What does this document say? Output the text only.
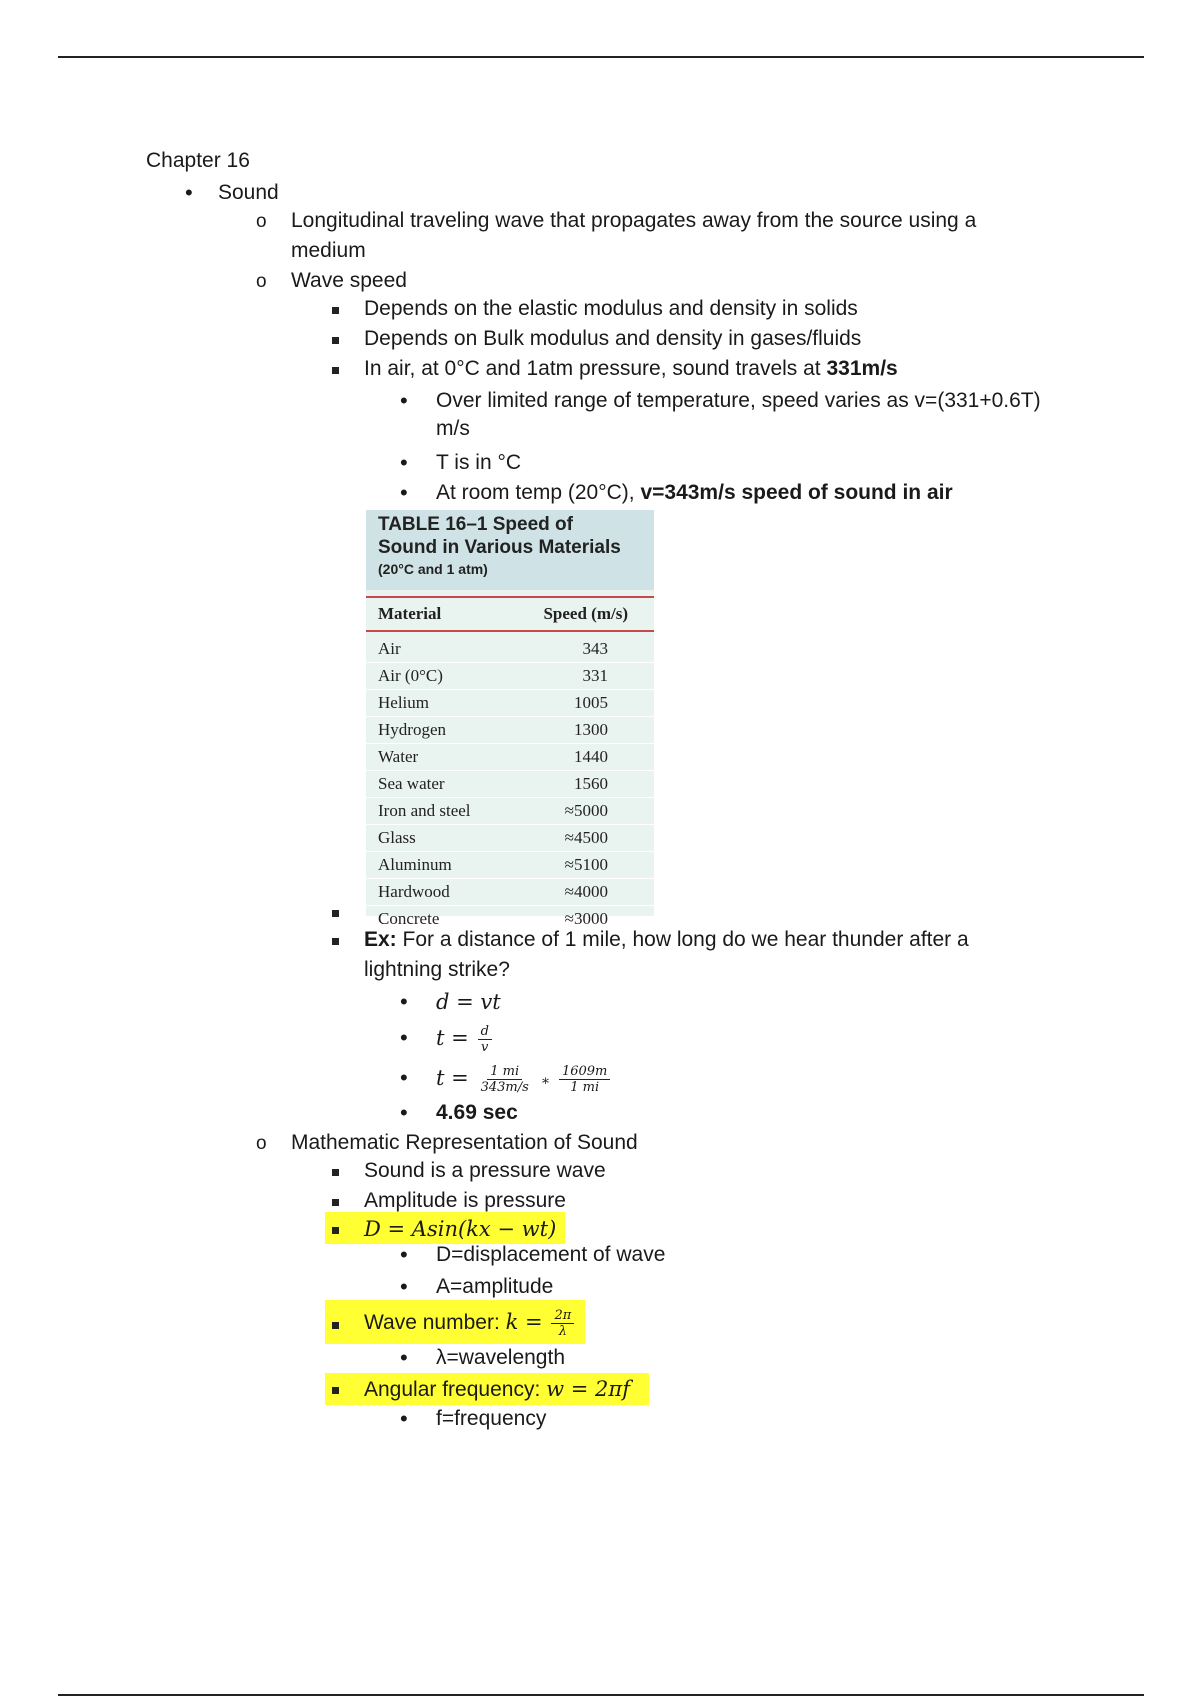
Chapter 16
•
Sound
o
Longitudinal traveling wave that propagates away from the source using a
medium
o
Wave speed
Depends on the elastic modulus and density in solids
Depends on Bulk modulus and density in gases/fluids
In air, at 0°C and 1atm pressure, sound travels at 331m/s
•
Over limited range of temperature, speed varies as v=(331+0.6T)
m/s
•
T is in °C
•
At room temp (20°C), v=343m/s speed of sound in air
TABLE 16–1 Speed of
Sound in Various Materials
(20°C and 1 atm)
Material	Speed (m/s)
Air	343
Air (0°C)	331
Helium	1005
Hydrogen	1300
Water	1440
Sea water	1560
Iron and steel	≈5000
Glass	≈4500
Aluminum	≈5100
Hardwood	≈4000
Concrete	≈3000
Ex: For a distance of 1 mile, how long do we hear thunder after a
lightning strike?
•
d = vt
•
$t = \frac{d}{v}$
•
$t = \frac{1 mi}{343m/s}$ ∗ $\frac{1609m}{1 mi}$
•
4.69 sec
o
Mathematic Representation of Sound
Sound is a pressure wave
Amplitude is pressure
D = Asin(kx − wt)
•
D=displacement of wave
•
A=amplitude
Wave number: $k = \frac{2\pi}{\lambda}$
•
λ=wavelength
Angular frequency: w = 2πf
•
f=frequency
